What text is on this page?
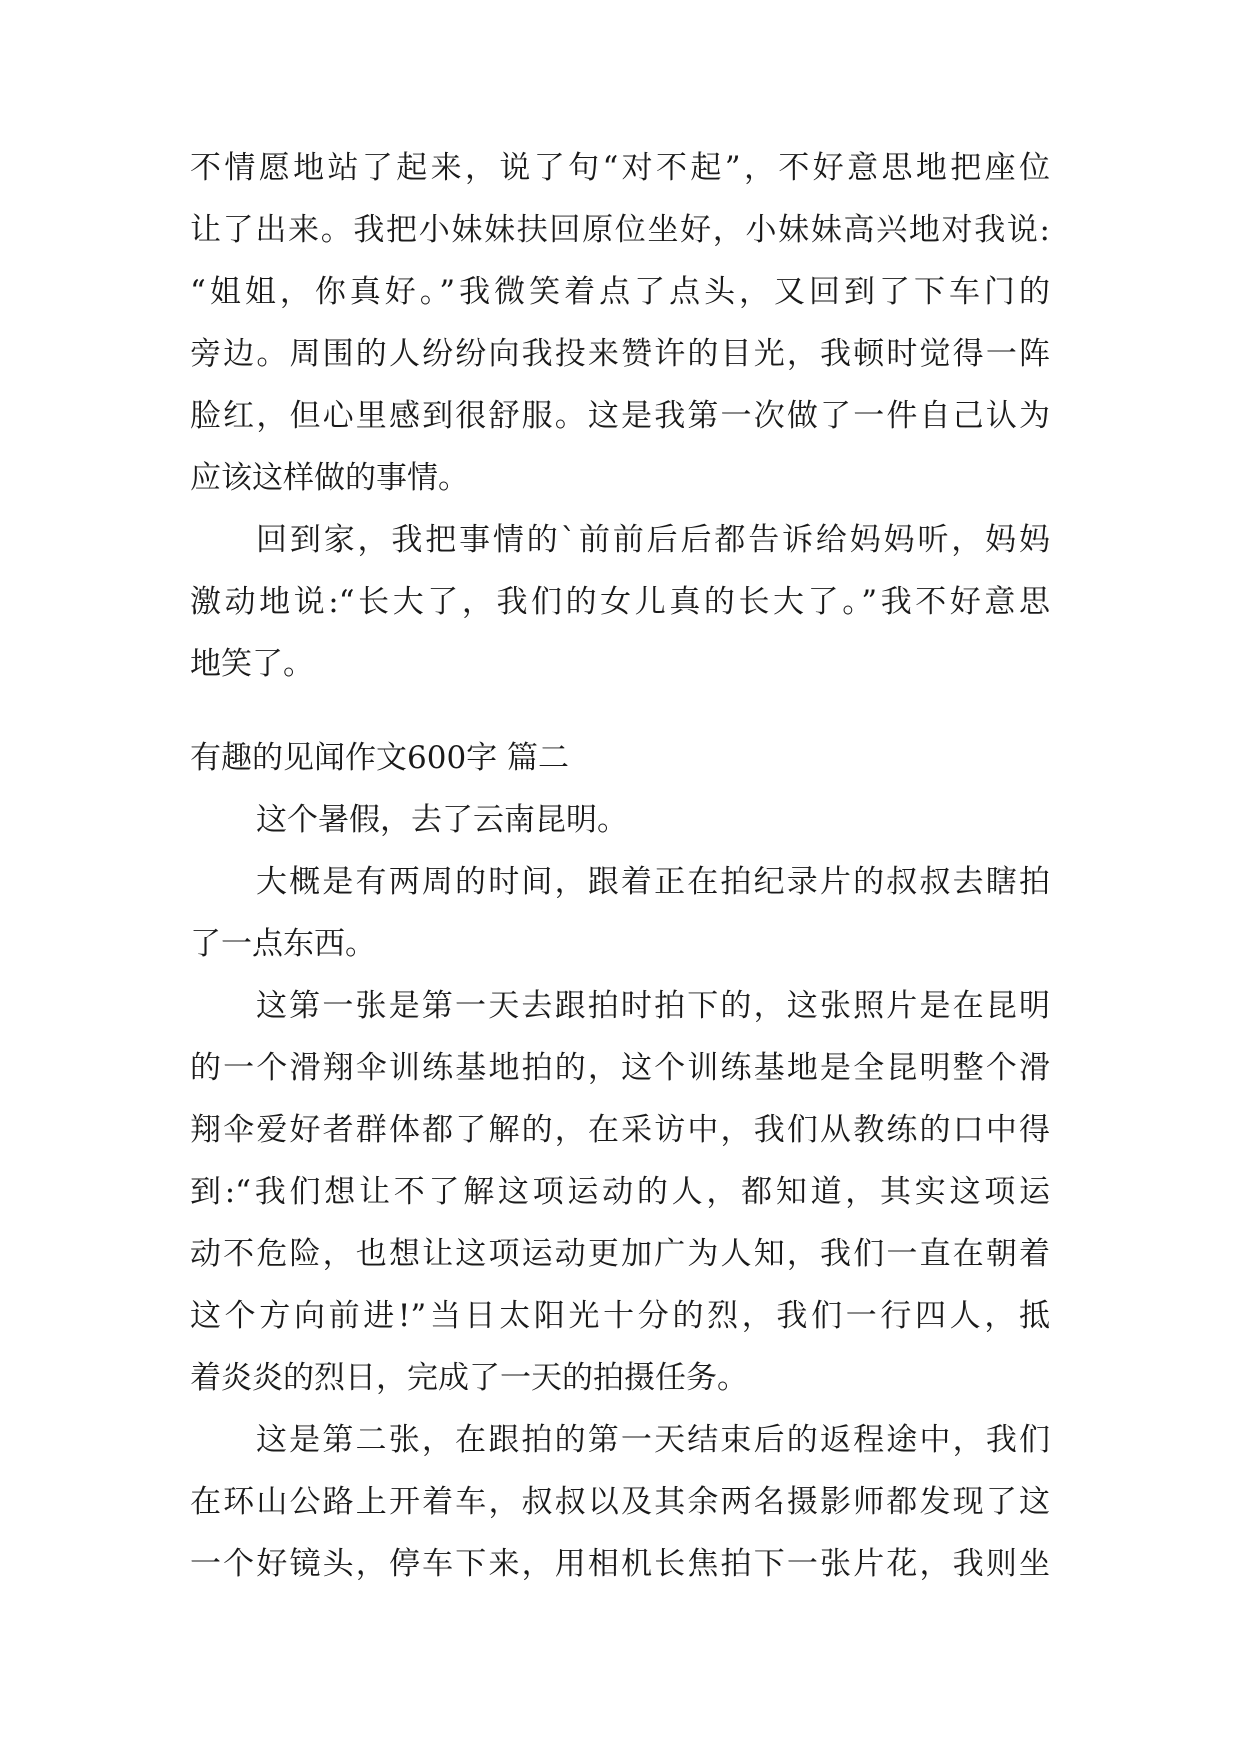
不情愿地站了起来，说了句“对不起”，不好意思地把座位
让了出来。我把小妹妹扶回原位坐好，小妹妹高兴地对我说:
“姐姐，你真好。”我微笑着点了点头，又回到了下车门的
旁边。周围的人纷纷向我投来赞许的目光，我顿时觉得一阵
脸红，但心里感到很舒服。这是我第一次做了一件自己认为
应该这样做的事情。
回到家，我把事情的`前前后后都告诉给妈妈听，妈妈
激动地说:“长大了，我们的女儿真的长大了。”我不好意思
地笑了。
有趣的见闻作文600字 篇二
这个暑假，去了云南昆明。
大概是有两周的时间，跟着正在拍纪录片的叔叔去瞎拍
了一点东西。
这第一张是第一天去跟拍时拍下的，这张照片是在昆明
的一个滑翔伞训练基地拍的，这个训练基地是全昆明整个滑
翔伞爱好者群体都了解的，在采访中，我们从教练的口中得
到:“我们想让不了解这项运动的人，都知道，其实这项运
动不危险，也想让这项运动更加广为人知，我们一直在朝着
这个方向前进!”当日太阳光十分的烈，我们一行四人，抵
着炎炎的烈日，完成了一天的拍摄任务。
这是第二张，在跟拍的第一天结束后的返程途中，我们
在环山公路上开着车，叔叔以及其余两名摄影师都发现了这
一个好镜头，停车下来，用相机长焦拍下一张片花，我则坐
